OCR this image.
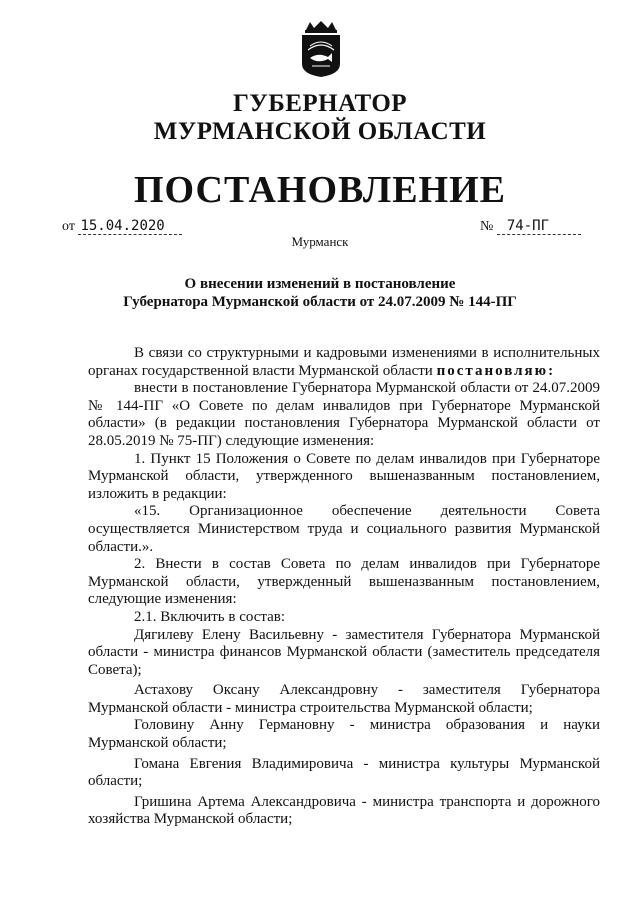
ГУБЕРНАТОР
МУРМАНСКОЙ ОБЛАСТИ
ПОСТАНОВЛЕНИЕ
от 15.04.2020	№ 74-ПГ
Мурманск
О внесении изменений в постановление
Губернатора Мурманской области от 24.07.2009 № 144-ПГ

В связи со структурными и кадровыми изменениями в исполнительных органах государственной власти Мурманской области постановляю:

внести в постановление Губернатора Мурманской области от 24.07.2009 № 144-ПГ «О Совете по делам инвалидов при Губернаторе Мурманской области» (в редакции постановления Губернатора Мурманской области от 28.05.2019 № 75-ПГ) следующие изменения:

1. Пункт 15 Положения о Совете по делам инвалидов при Губернаторе Мурманской области, утвержденного вышеназванным постановлением, изложить в редакции:

«15. Организационное обеспечение деятельности Совета осуществляется Министерством труда и социального развития Мурманской области.».

2. Внести в состав Совета по делам инвалидов при Губернаторе Мурманской области, утвержденный вышеназванным постановлением, следующие изменения:

2.1. Включить в состав:

Дягилеву Елену Васильевну - заместителя Губернатора Мурманской области - министра финансов Мурманской области (заместитель председателя Совета);

Астахову Оксану Александровну - заместителя Губернатора Мурманской области - министра строительства Мурманской области;

Головину Анну Германовну - министра образования и науки Мурманской области;

Гомана Евгения Владимировича - министра культуры Мурманской области;

Гришина Артема Александровича - министра транспорта и дорожного хозяйства Мурманской области;
